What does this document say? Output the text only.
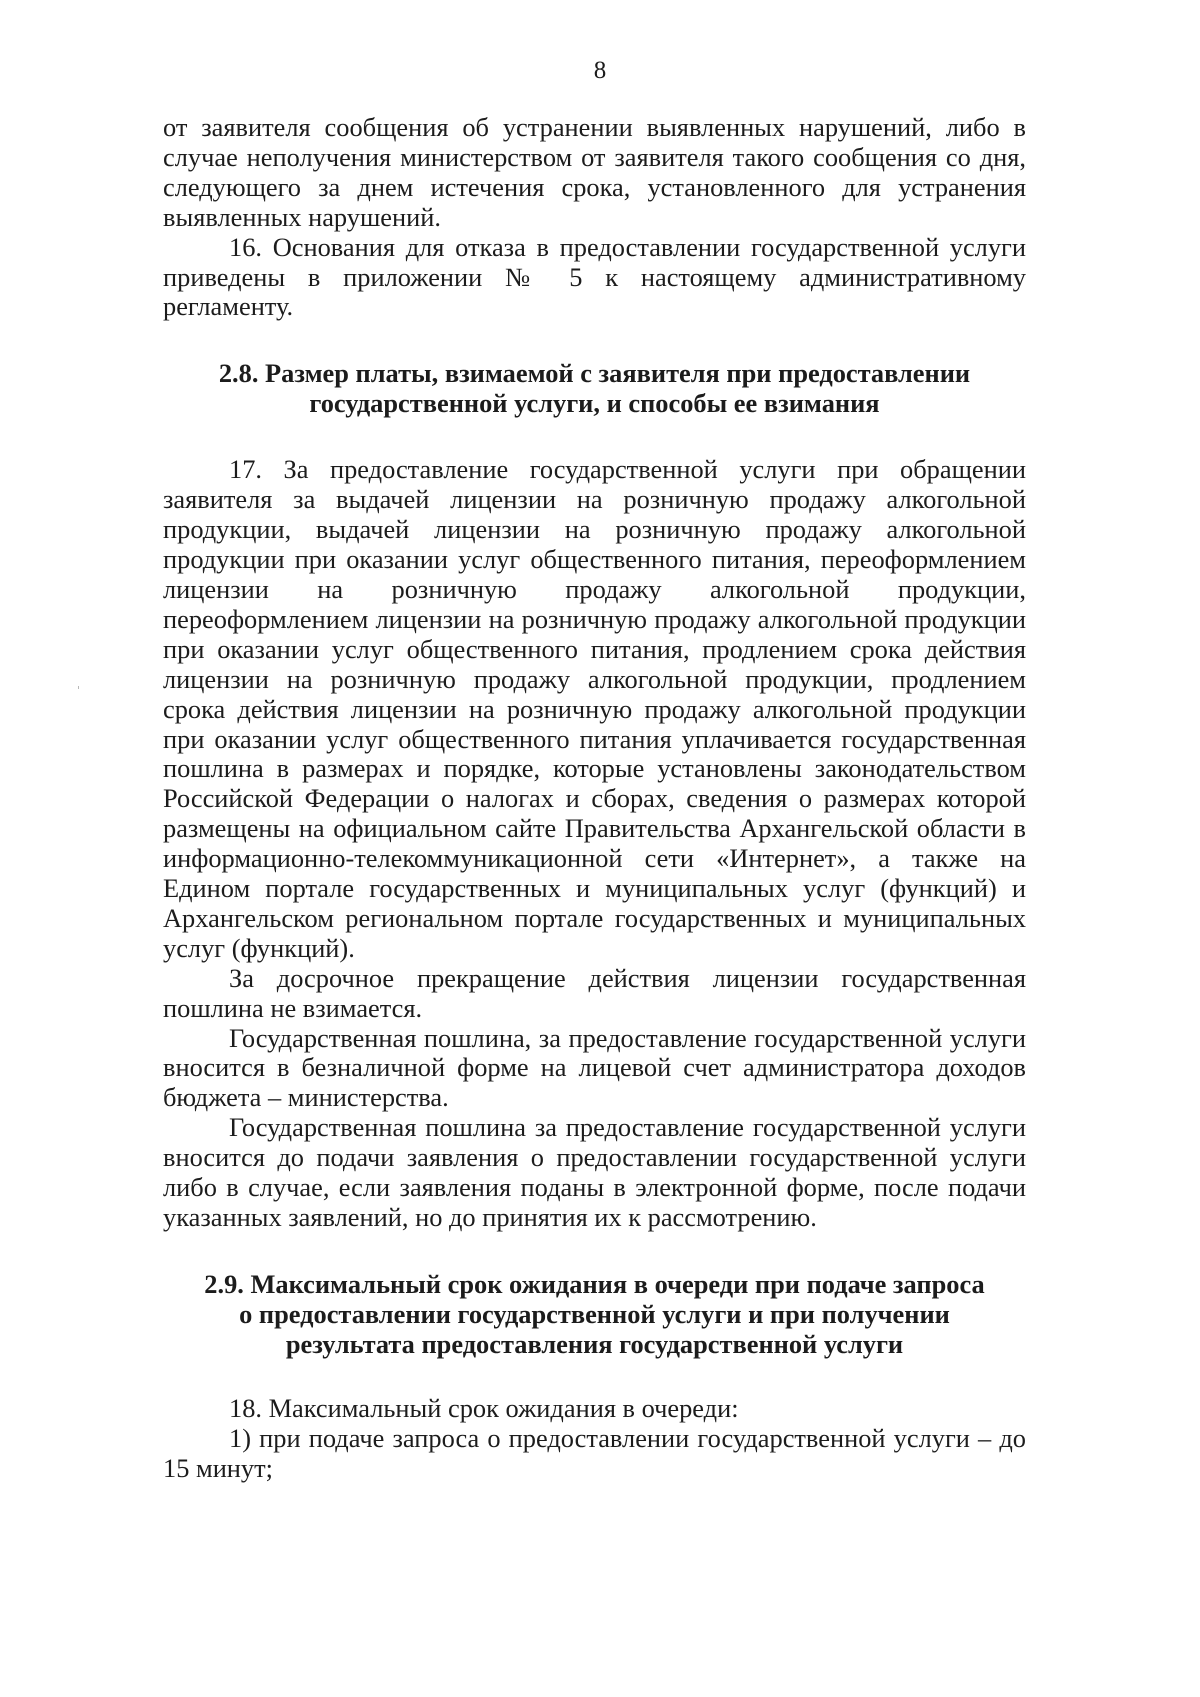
8

от заявителя сообщения об устранении выявленных нарушений, либо в случае неполучения министерством от заявителя такого сообщения со дня, следующего за днем истечения срока, установленного для устранения выявленных нарушений.

16. Основания для отказа в предоставлении государственной услуги приведены в приложении № 5 к настоящему административному регламенту.

2.8. Размер платы, взимаемой с заявителя при предоставлении
государственной услуги, и способы ее взимания

17. За предоставление государственной услуги при обращении заявителя за выдачей лицензии на розничную продажу алкогольной продукции, выдачей лицензии на розничную продажу алкогольной продукции при оказании услуг общественного питания, переоформлением лицензии на розничную продажу алкогольной продукции, переоформлением лицензии на розничную продажу алкогольной продукции при оказании услуг общественного питания, продлением срока действия лицензии на розничную продажу алкогольной продукции, продлением срока действия лицензии на розничную продажу алкогольной продукции при оказании услуг общественного питания уплачивается государственная пошлина в размерах и порядке, которые установлены законодательством Российской Федерации о налогах и сборах, сведения о размерах которой размещены на официальном сайте Правительства Архангельской области в информационно-телекоммуникационной сети «Интернет», а также на Едином портале государственных и муниципальных услуг (функций) и Архангельском региональном портале государственных и муниципальных услуг (функций).

За досрочное прекращение действия лицензии государственная пошлина не взимается.

Государственная пошлина, за предоставление государственной услуги вносится в безналичной форме на лицевой счет администратора доходов бюджета – министерства.

Государственная пошлина за предоставление государственной услуги вносится до подачи заявления о предоставлении государственной услуги либо в случае, если заявления поданы в электронной форме, после подачи указанных заявлений, но до принятия их к рассмотрению.

2.9. Максимальный срок ожидания в очереди при подаче запроса
о предоставлении государственной услуги и при получении
результата предоставления государственной услуги

18. Максимальный срок ожидания в очереди:

1) при подаче запроса о предоставлении государственной услуги – до 15 минут;
